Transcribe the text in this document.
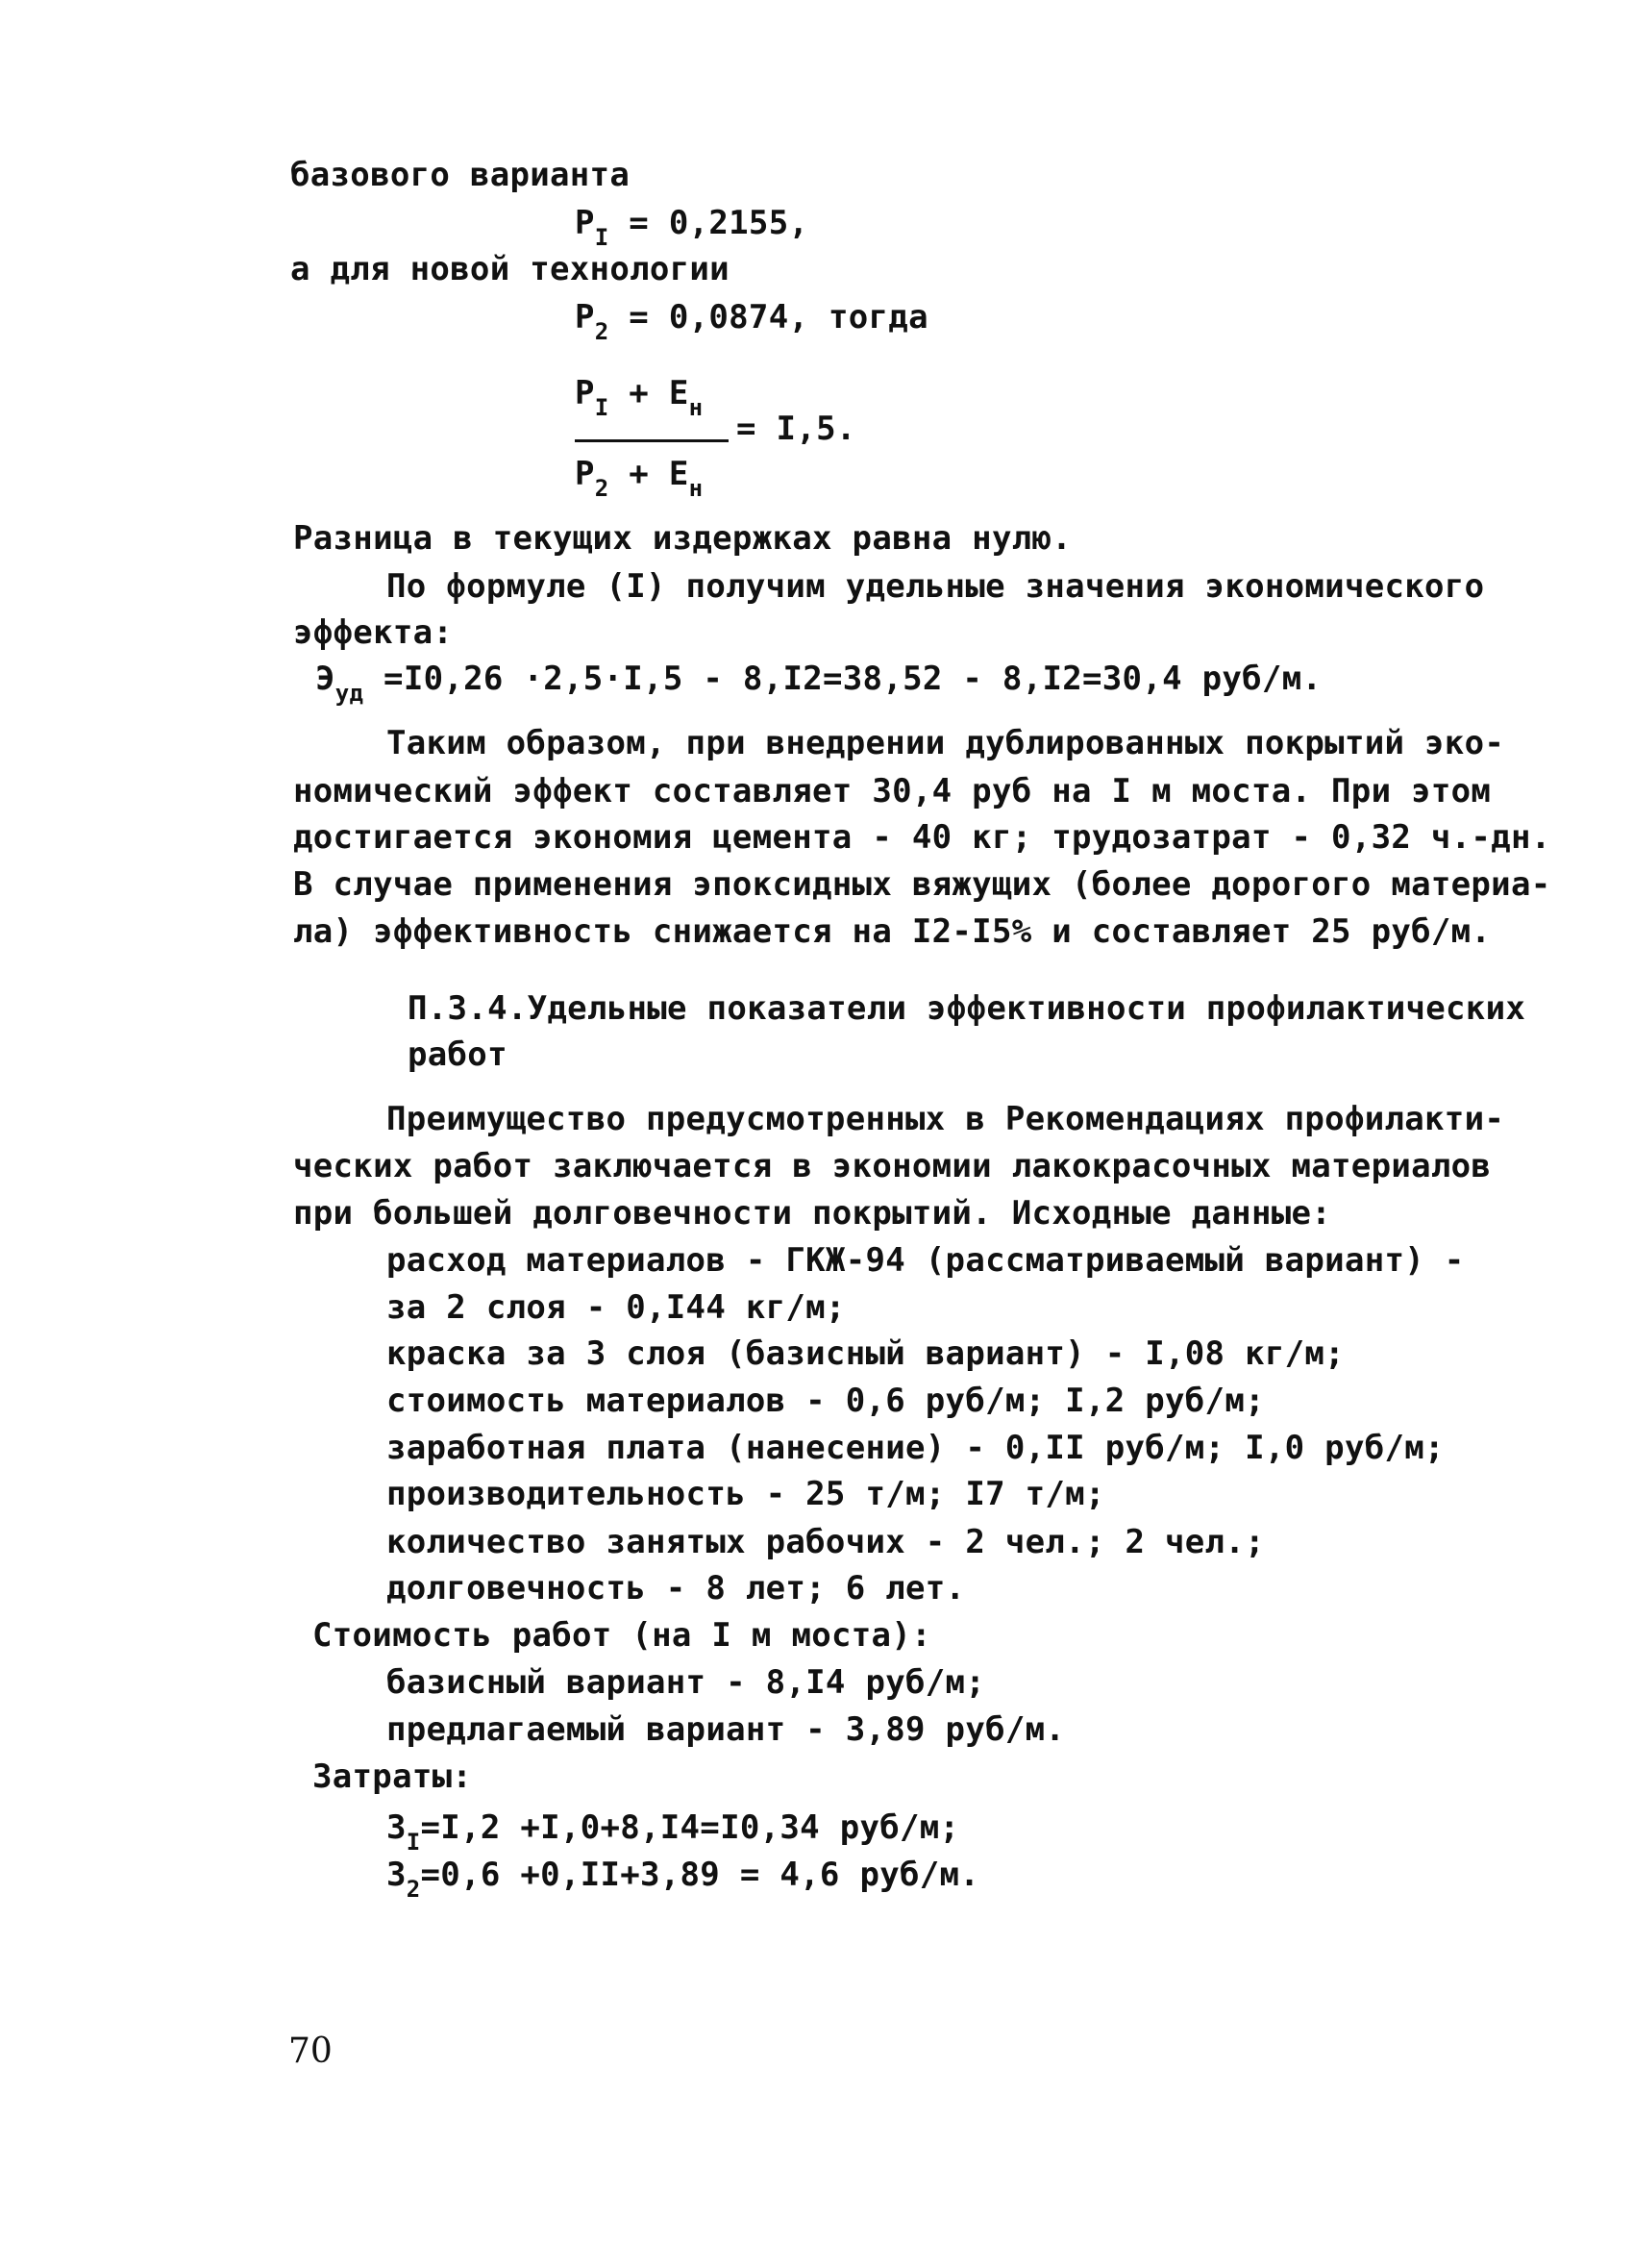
базового варианта
$P_I = 0,2155$,
а для новой технологии
$P_2 = 0,0874$, тогда
$P_I + E_н$
= I,5.
$P_2 + E_н$
Разница в текущих издержках равна нулю.
По формуле (I) получим удельные значения экономического
эффекта:
$Э_{уд} =I0,26 \cdot 2,5\cdot I,5 - 8,I2=38,52 - 8,I2=30,4$ руб/м.
Таким образом, при внедрении дублированных покрытий эко-
номический эффект составляет 30,4 руб на I м моста. При этом
достигается экономия цемента - 40 кг; трудозатрат - 0,32 ч.-дн.
В случае применения эпоксидных вяжущих (более дорогого материа-
ла) эффективность снижается на I2-I5% и составляет 25 руб/м.
П.3.4.Удельные показатели эффективности профилактических
работ
Преимущество предусмотренных в Рекомендациях профилакти-
ческих работ заключается в экономии лакокрасочных материалов
при большей долговечности покрытий. Исходные данные:
расход материалов - ГКЖ-94 (рассматриваемый вариант) -
за 2 слоя - 0,I44 кг/м;
краска за 3 слоя (базисный вариант) - I,08 кг/м;
стоимость материалов - 0,6 руб/м; I,2 руб/м;
заработная плата (нанесение) - 0,II руб/м; I,0 руб/м;
производительность - 25 т/м; I7 т/м;
количество занятых рабочих - 2 чел.; 2 чел.;
долговечность - 8 лет; 6 лет.
Стоимость работ (на I м моста):
базисный вариант - 8,I4 руб/м;
предлагаемый вариант - 3,89 руб/м.
Затраты:
$З_I=I,2 +I,0+8,I4=I0,34$ руб/м;
$З_2=0,6 +0,II+3,89 = 4,6$ руб/м.
70
